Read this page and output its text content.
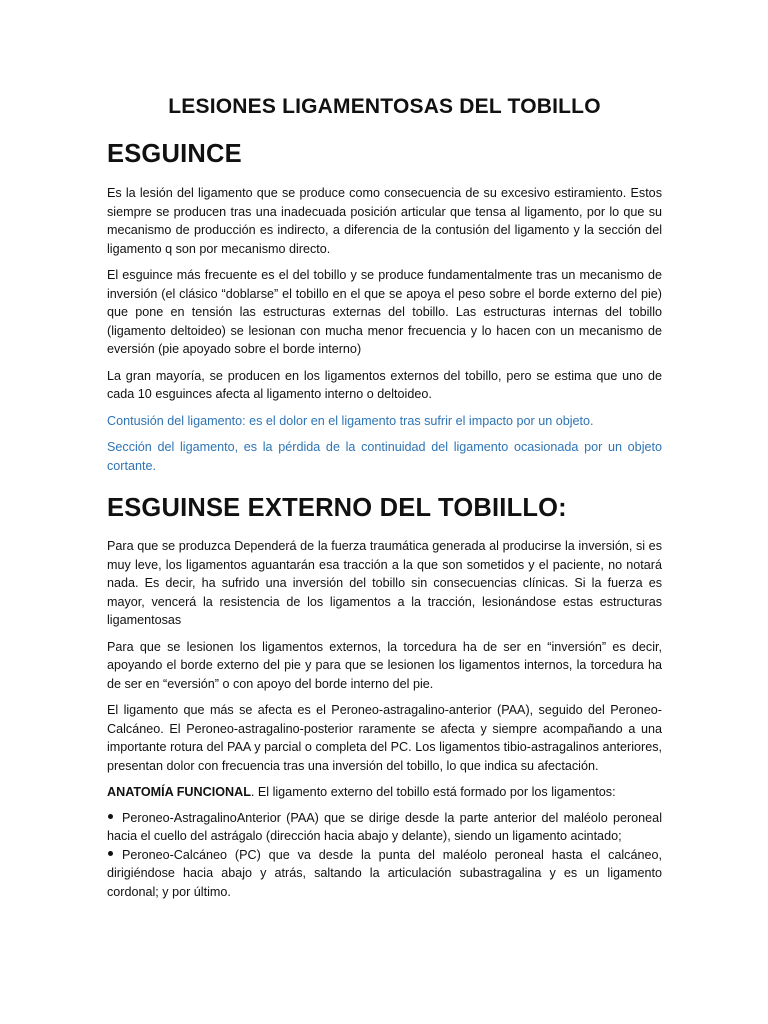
LESIONES LIGAMENTOSAS DEL TOBILLO
ESGUINCE

Es la lesión del ligamento que se produce como consecuencia de su excesivo estiramiento. Estos siempre se producen tras una inadecuada posición articular que tensa al ligamento, por lo que su mecanismo de producción es indirecto, a diferencia de la contusión del ligamento y la sección del ligamento q son por mecanismo directo.

El esguince más frecuente es el del tobillo y se produce fundamentalmente tras un mecanismo de inversión (el clásico “doblarse” el tobillo en el que se apoya el peso sobre el borde externo del pie) que pone en tensión las estructuras externas del tobillo. Las estructuras internas del tobillo (ligamento deltoideo) se lesionan con mucha menor frecuencia y lo hacen con un mecanismo de eversión (pie apoyado sobre el borde interno)

La gran mayoría, se producen en los ligamentos externos del tobillo, pero se estima que uno de cada 10 esguinces afecta al ligamento interno o deltoideo.

Contusión del ligamento: es el dolor en el ligamento tras sufrir el impacto por un objeto.

Sección del ligamento, es la pérdida de la continuidad del ligamento ocasionada por un objeto cortante.

ESGUINSE EXTERNO DEL TOBIILLO:

Para que se produzca Dependerá de la fuerza traumática generada al producirse la inversión, si es muy leve, los ligamentos aguantarán esa tracción a la que son sometidos y el paciente, no notará nada. Es decir, ha sufrido una inversión del tobillo sin consecuencias clínicas. Si la fuerza es mayor, vencerá la resistencia de los ligamentos a la tracción, lesionándose estas estructuras ligamentosas

Para que se lesionen los ligamentos externos, la torcedura ha de ser en “inversión” es decir, apoyando el borde externo del pie y para que se lesionen los ligamentos internos, la torcedura ha de ser en “eversión” o con apoyo del borde interno del pie.

El ligamento que más se afecta es el Peroneo-astragalino-anterior (PAA), seguido del Peroneo-Calcáneo. El Peroneo-astragalino-posterior raramente se afecta y siempre acompañando a una importante rotura del PAA y parcial o completa del PC. Los ligamentos tibio-astragalinos anteriores, presentan dolor con frecuencia tras una inversión del tobillo, lo que indica su afectación.

ANATOMÍA FUNCIONAL. El ligamento externo del tobillo está formado por los ligamentos:

Peroneo-AstragalinoAnterior (PAA) que se dirige desde la parte anterior del maléolo peroneal hacia el cuello del astrágalo (dirección hacia abajo y delante), siendo un ligamento acintado;
Peroneo-Calcáneo (PC) que va desde la punta del maléolo peroneal hasta el calcáneo, dirigiéndose hacia abajo y atrás, saltando la articulación subastragalina y es un ligamento cordonal; y por último.
